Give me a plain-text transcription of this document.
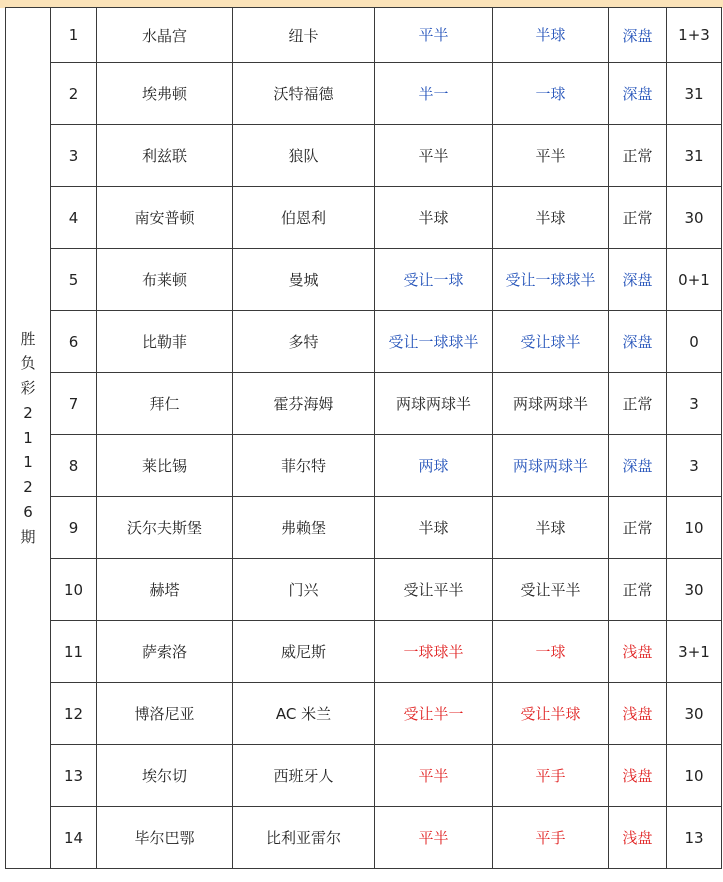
胜负彩21126期	1	水晶宫	纽卡	平半	半球	深盘	1+3
	2	埃弗顿	沃特福德	半一	一球	深盘	31
	3	利兹联	狼队	平半	平半	正常	31
	4	南安普顿	伯恩利	半球	半球	正常	30
	5	布莱顿	曼城	受让一球	受让一球球半	深盘	0+1
	6	比勒菲	多特	受让一球球半	受让球半	深盘	0
	7	拜仁	霍芬海姆	两球两球半	两球两球半	正常	3
	8	莱比锡	菲尔特	两球	两球两球半	深盘	3
	9	沃尔夫斯堡	弗赖堡	半球	半球	正常	10
	10	赫塔	门兴	受让平半	受让平半	正常	30
	11	萨索洛	威尼斯	一球球半	一球	浅盘	3+1
	12	博洛尼亚	AC 米兰	受让半一	受让半球	浅盘	30
	13	埃尔切	西班牙人	平半	平手	浅盘	10
	14	毕尔巴鄂	比利亚雷尔	平半	平手	浅盘	13
